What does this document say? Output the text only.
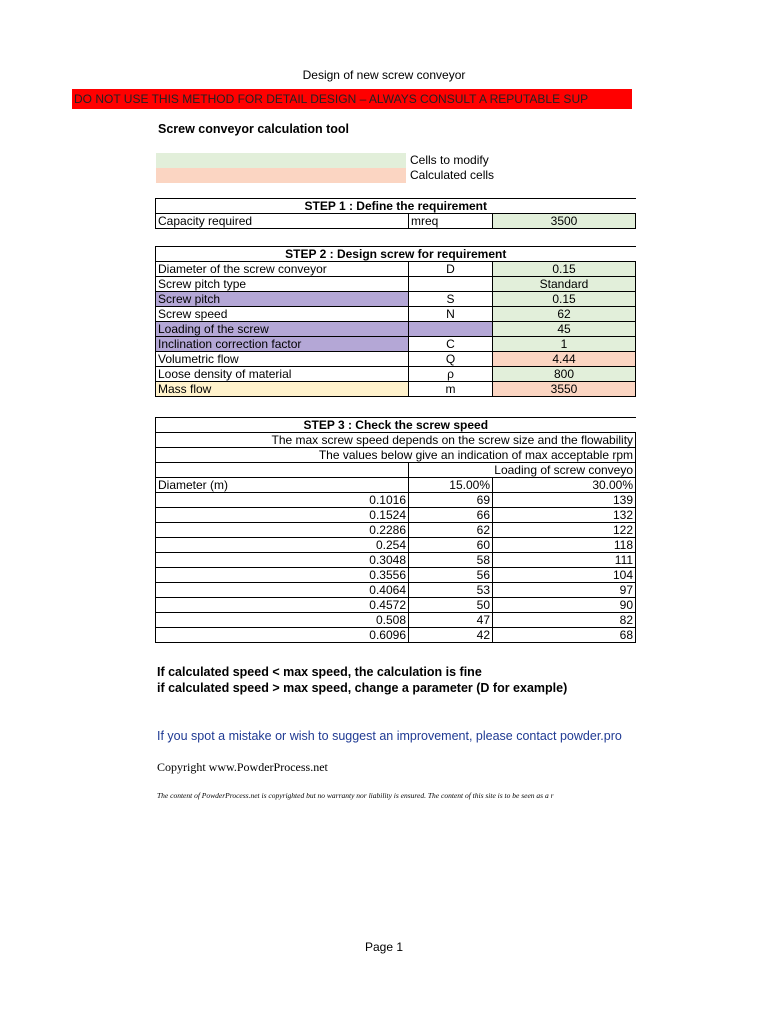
Design of new screw conveyor
DO NOT USE THIS METHOD FOR DETAIL DESIGN – ALWAYS CONSULT A REPUTABLE SUP
Screw conveyor calculation tool
Cells to modify
Calculated cells
STEP 1 : Define the requirement
Capacity required	mreq	3500
STEP 2 : Design screw for requirement		
Diameter of the screw conveyor	D	0.15
Screw pitch type		Standard
Screw pitch	S	0.15
Screw speed	N	62
Loading of the screw		45
Inclination correction factor	C	1
Volumetric flow	Q	4.44
Loose density of material	ρ	800
Mass flow	m	3550
STEP 3 : Check the screw speed		
The max screw speed depends on the screw size and the flowability		
The values below give an indication of max acceptable rpm		
	Loading of screw conveyo	
Diameter (m)	15.00%	30.00%
0.1016	69	139
0.1524	66	132
0.2286	62	122
0.254	60	118
0.3048	58	111
0.3556	56	104
0.4064	53	97
0.4572	50	90
0.508	47	82
0.6096	42	68
If calculated speed < max speed, the calculation is fine
if calculated speed > max speed, change a parameter (D for example)
If you spot a mistake or wish to suggest an improvement, please contact powder.pro
Copyright www.PowderProcess.net
The content of PowderProcess.net is copyrighted but no warranty nor liability is ensured. The content of this site is to be seen as a r
Page 1
